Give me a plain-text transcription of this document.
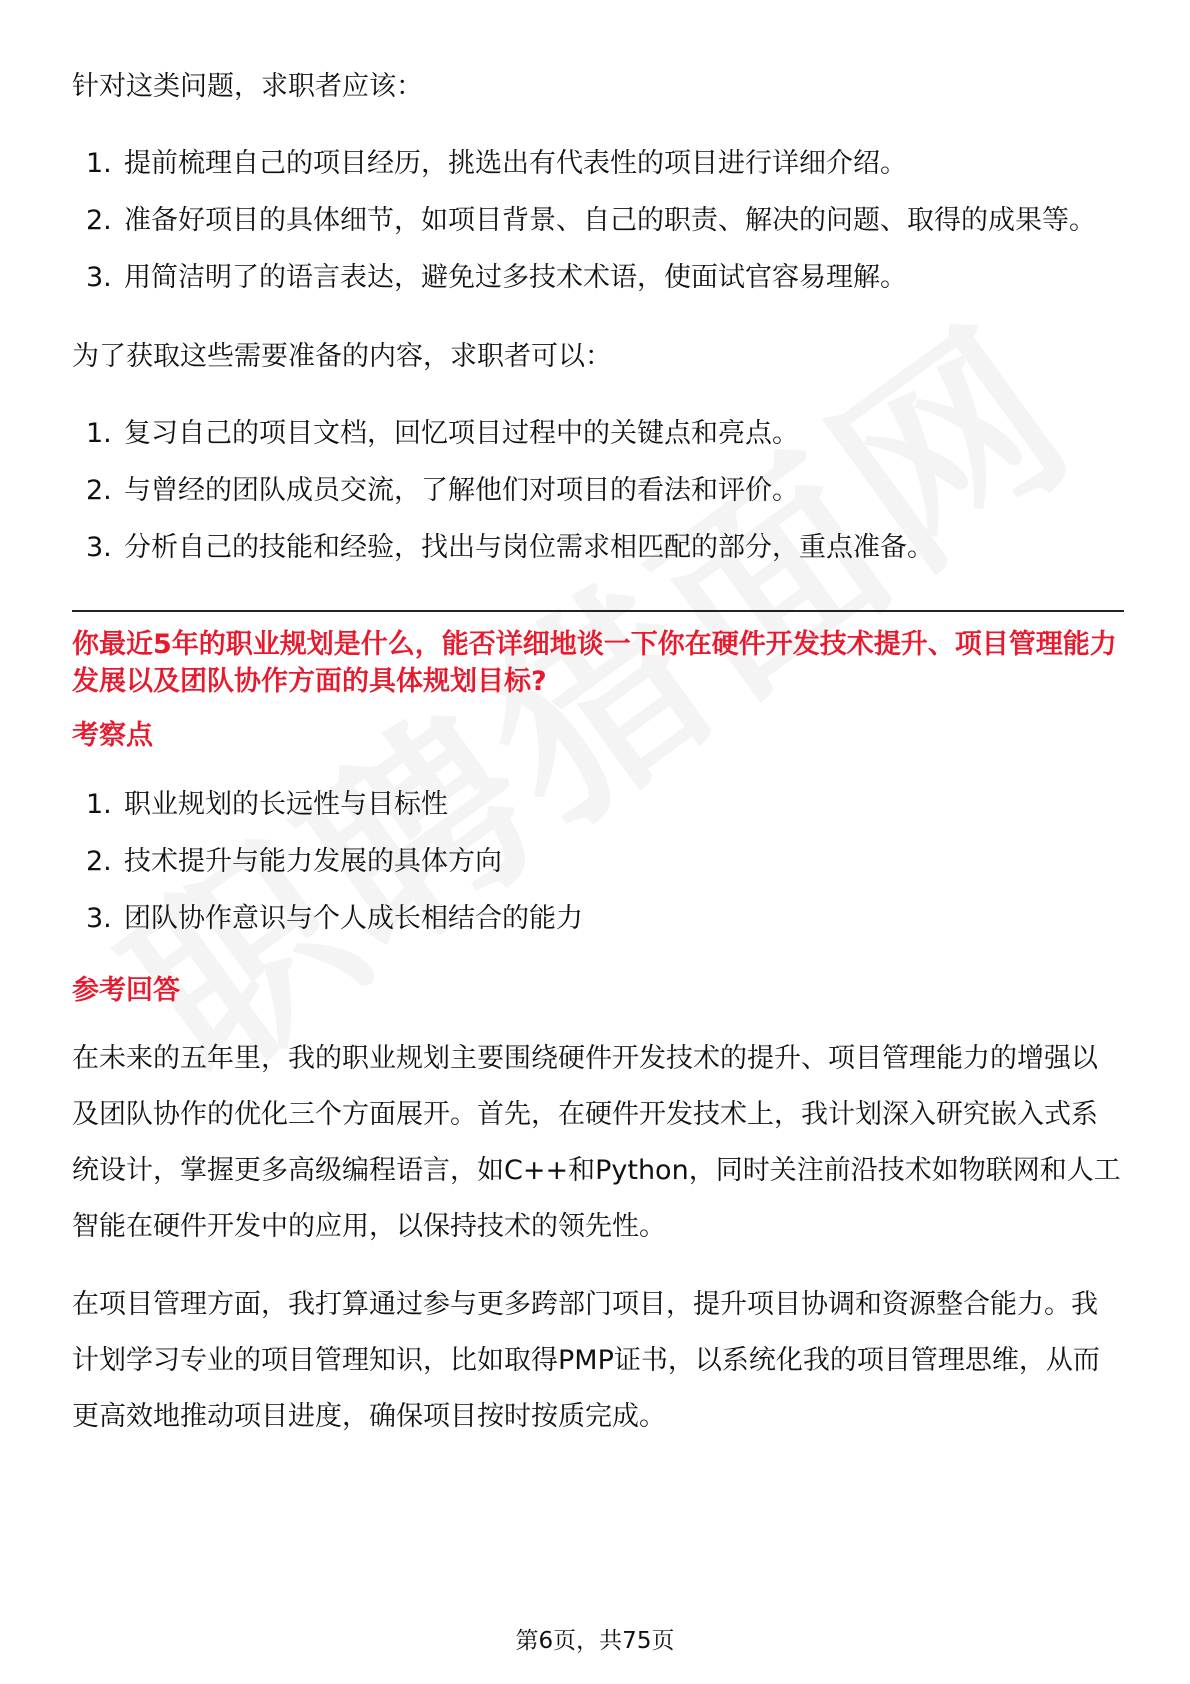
针对这类问题，求职者应该：

1. 提前梳理自己的项目经历，挑选出有代表性的项目进行详细介绍。
2. 准备好项目的具体细节，如项目背景、自己的职责、解决的问题、取得的成果等。
3. 用简洁明了的语言表达，避免过多技术术语，使面试官容易理解。

为了获取这些需要准备的内容，求职者可以：

1. 复习自己的项目文档，回忆项目过程中的关键点和亮点。
2. 与曾经的团队成员交流，了解他们对项目的看法和评价。
3. 分析自己的技能和经验，找出与岗位需求相匹配的部分，重点准备。

你最近5年的职业规划是什么，能否详细地谈一下你在硬件开发技术提升、项目管理能力发展以及团队协作方面的具体规划目标?

考察点

1. 职业规划的长远性与目标性
2. 技术提升与能力发展的具体方向
3. 团队协作意识与个人成长相结合的能力

参考回答

在未来的五年里，我的职业规划主要围绕硬件开发技术的提升、项目管理能力的增强以及团队协作的优化三个方面展开。首先，在硬件开发技术上，我计划深入研究嵌入式系统设计，掌握更多高级编程语言，如C++和Python，同时关注前沿技术如物联网和人工智能在硬件开发中的应用，以保持技术的领先性。

在项目管理方面，我打算通过参与更多跨部门项目，提升项目协调和资源整合能力。我计划学习专业的项目管理知识，比如取得PMP证书，以系统化我的项目管理思维，从而更高效地推动项目进度，确保项目按时按质完成。

第6页，共75页
